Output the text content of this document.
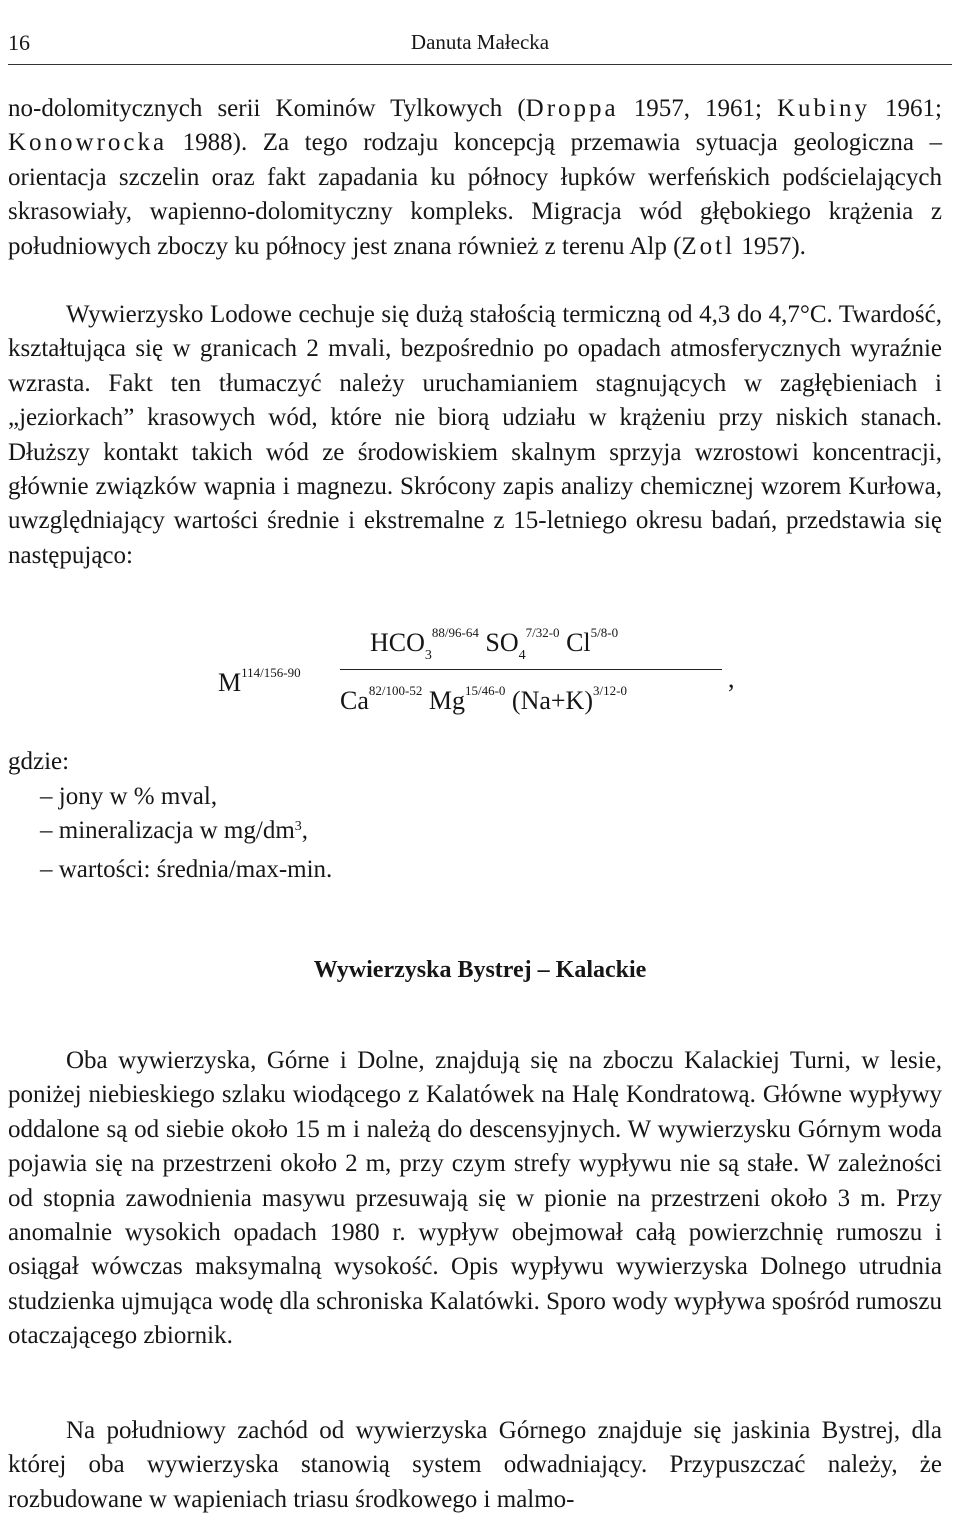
16	Danuta Małecka

no-dolomitycznych serii Kominów Tylkowych (Droppa 1957, 1961; Kubiny 1961; Konowrocka 1988). Za tego rodzaju koncepcją przemawia sytuacja geologiczna – orientacja szczelin oraz fakt zapadania ku północy łupków werfeńskich podścielających skrasowiały, wapienno-dolomityczny kompleks. Migracja wód głębokiego krążenia z południowych zboczy ku północy jest znana również z terenu Alp (Zotl 1957).

Wywierzysko Lodowe cechuje się dużą stałością termiczną od 4,3 do 4,7°C. Twardość, kształtująca się w granicach 2 mvali, bezpośrednio po opadach atmosferycznych wyraźnie wzrasta. Fakt ten tłumaczyć należy uruchamianiem stagnujących w zagłębieniach i „jeziorkach” krasowych wód, które nie biorą udziału w krążeniu przy niskich stanach. Dłuższy kontakt takich wód ze środowiskiem skalnym sprzyja wzrostowi koncentracji, głównie związków wapnia i magnezu. Skrócony zapis analizy chemicznej wzorem Kurłowa, uwzględniający wartości średnie i ekstremalne z 15-letniego okresu badań, przedstawia się następująco:

$M^{114/156-90}$
$HCO_3^{88/96-64}$ $SO_4^{7/32-0}$ $Cl^{5/8-0}$
,
$Ca^{82/100-52}$ $Mg^{15/46-0}$ $(Na+K)^{3/12-0}$

gdzie:

– jony w % mval,
– mineralizacja w $mg/dm^3$,
– wartości: średnia/max-min.
Wywierzyska Bystrej – Kalackie

Oba wywierzyska, Górne i Dolne, znajdują się na zboczu Kalackiej Turni, w lesie, poniżej niebieskiego szlaku wiodącego z Kalatówek na Halę Kondratową. Główne wypływy oddalone są od siebie około 15 m i należą do descensyjnych. W wywierzysku Górnym woda pojawia się na przestrzeni około 2 m, przy czym strefy wypływu nie są stałe. W zależności od stopnia zawodnienia masywu przesuwają się w pionie na przestrzeni około 3 m. Przy anomalnie wysokich opadach 1980 r. wypływ obejmował całą powierzchnię rumoszu i osiągał wówczas maksymalną wysokość. Opis wypływu wywierzyska Dolnego utrudnia studzienka ujmująca wodę dla schroniska Kalatówki. Sporo wody wypływa spośród rumoszu otaczającego zbiornik.

Na południowy zachód od wywierzyska Górnego znajduje się jaskinia Bystrej, dla której oba wywierzyska stanowią system odwadniający. Przypuszczać należy, że rozbudowane w wapieniach triasu środkowego i malmo-
